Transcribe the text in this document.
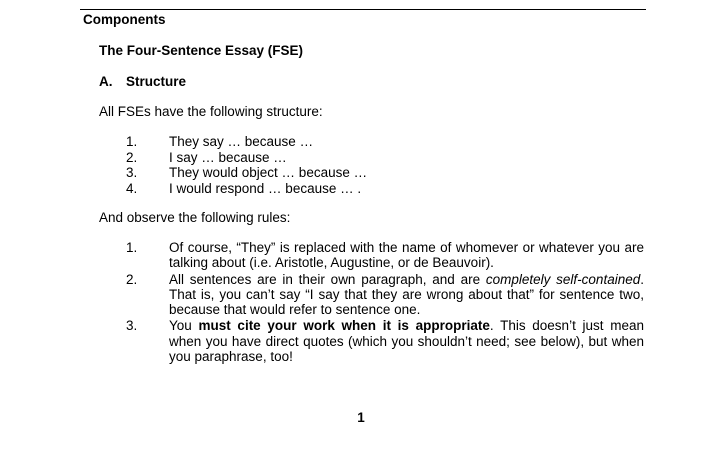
Components
The Four-Sentence Essay (FSE)
A. Structure
All FSEs have the following structure:
1.	They say … because …
2.	I say … because …
3.	They would object … because …
4.	I would respond … because … .
And observe the following rules:
1.	Of course, “They” is replaced with the name of whomever or whatever you are talking about (i.e. Aristotle, Augustine, or de Beauvoir).
2.	All sentences are in their own paragraph, and are completely self-contained. That is, you can’t say “I say that they are wrong about that” for sentence two, because that would refer to sentence one.
3.	You must cite your work when it is appropriate. This doesn’t just mean when you have direct quotes (which you shouldn’t need; see below), but when you paraphrase, too!
1
